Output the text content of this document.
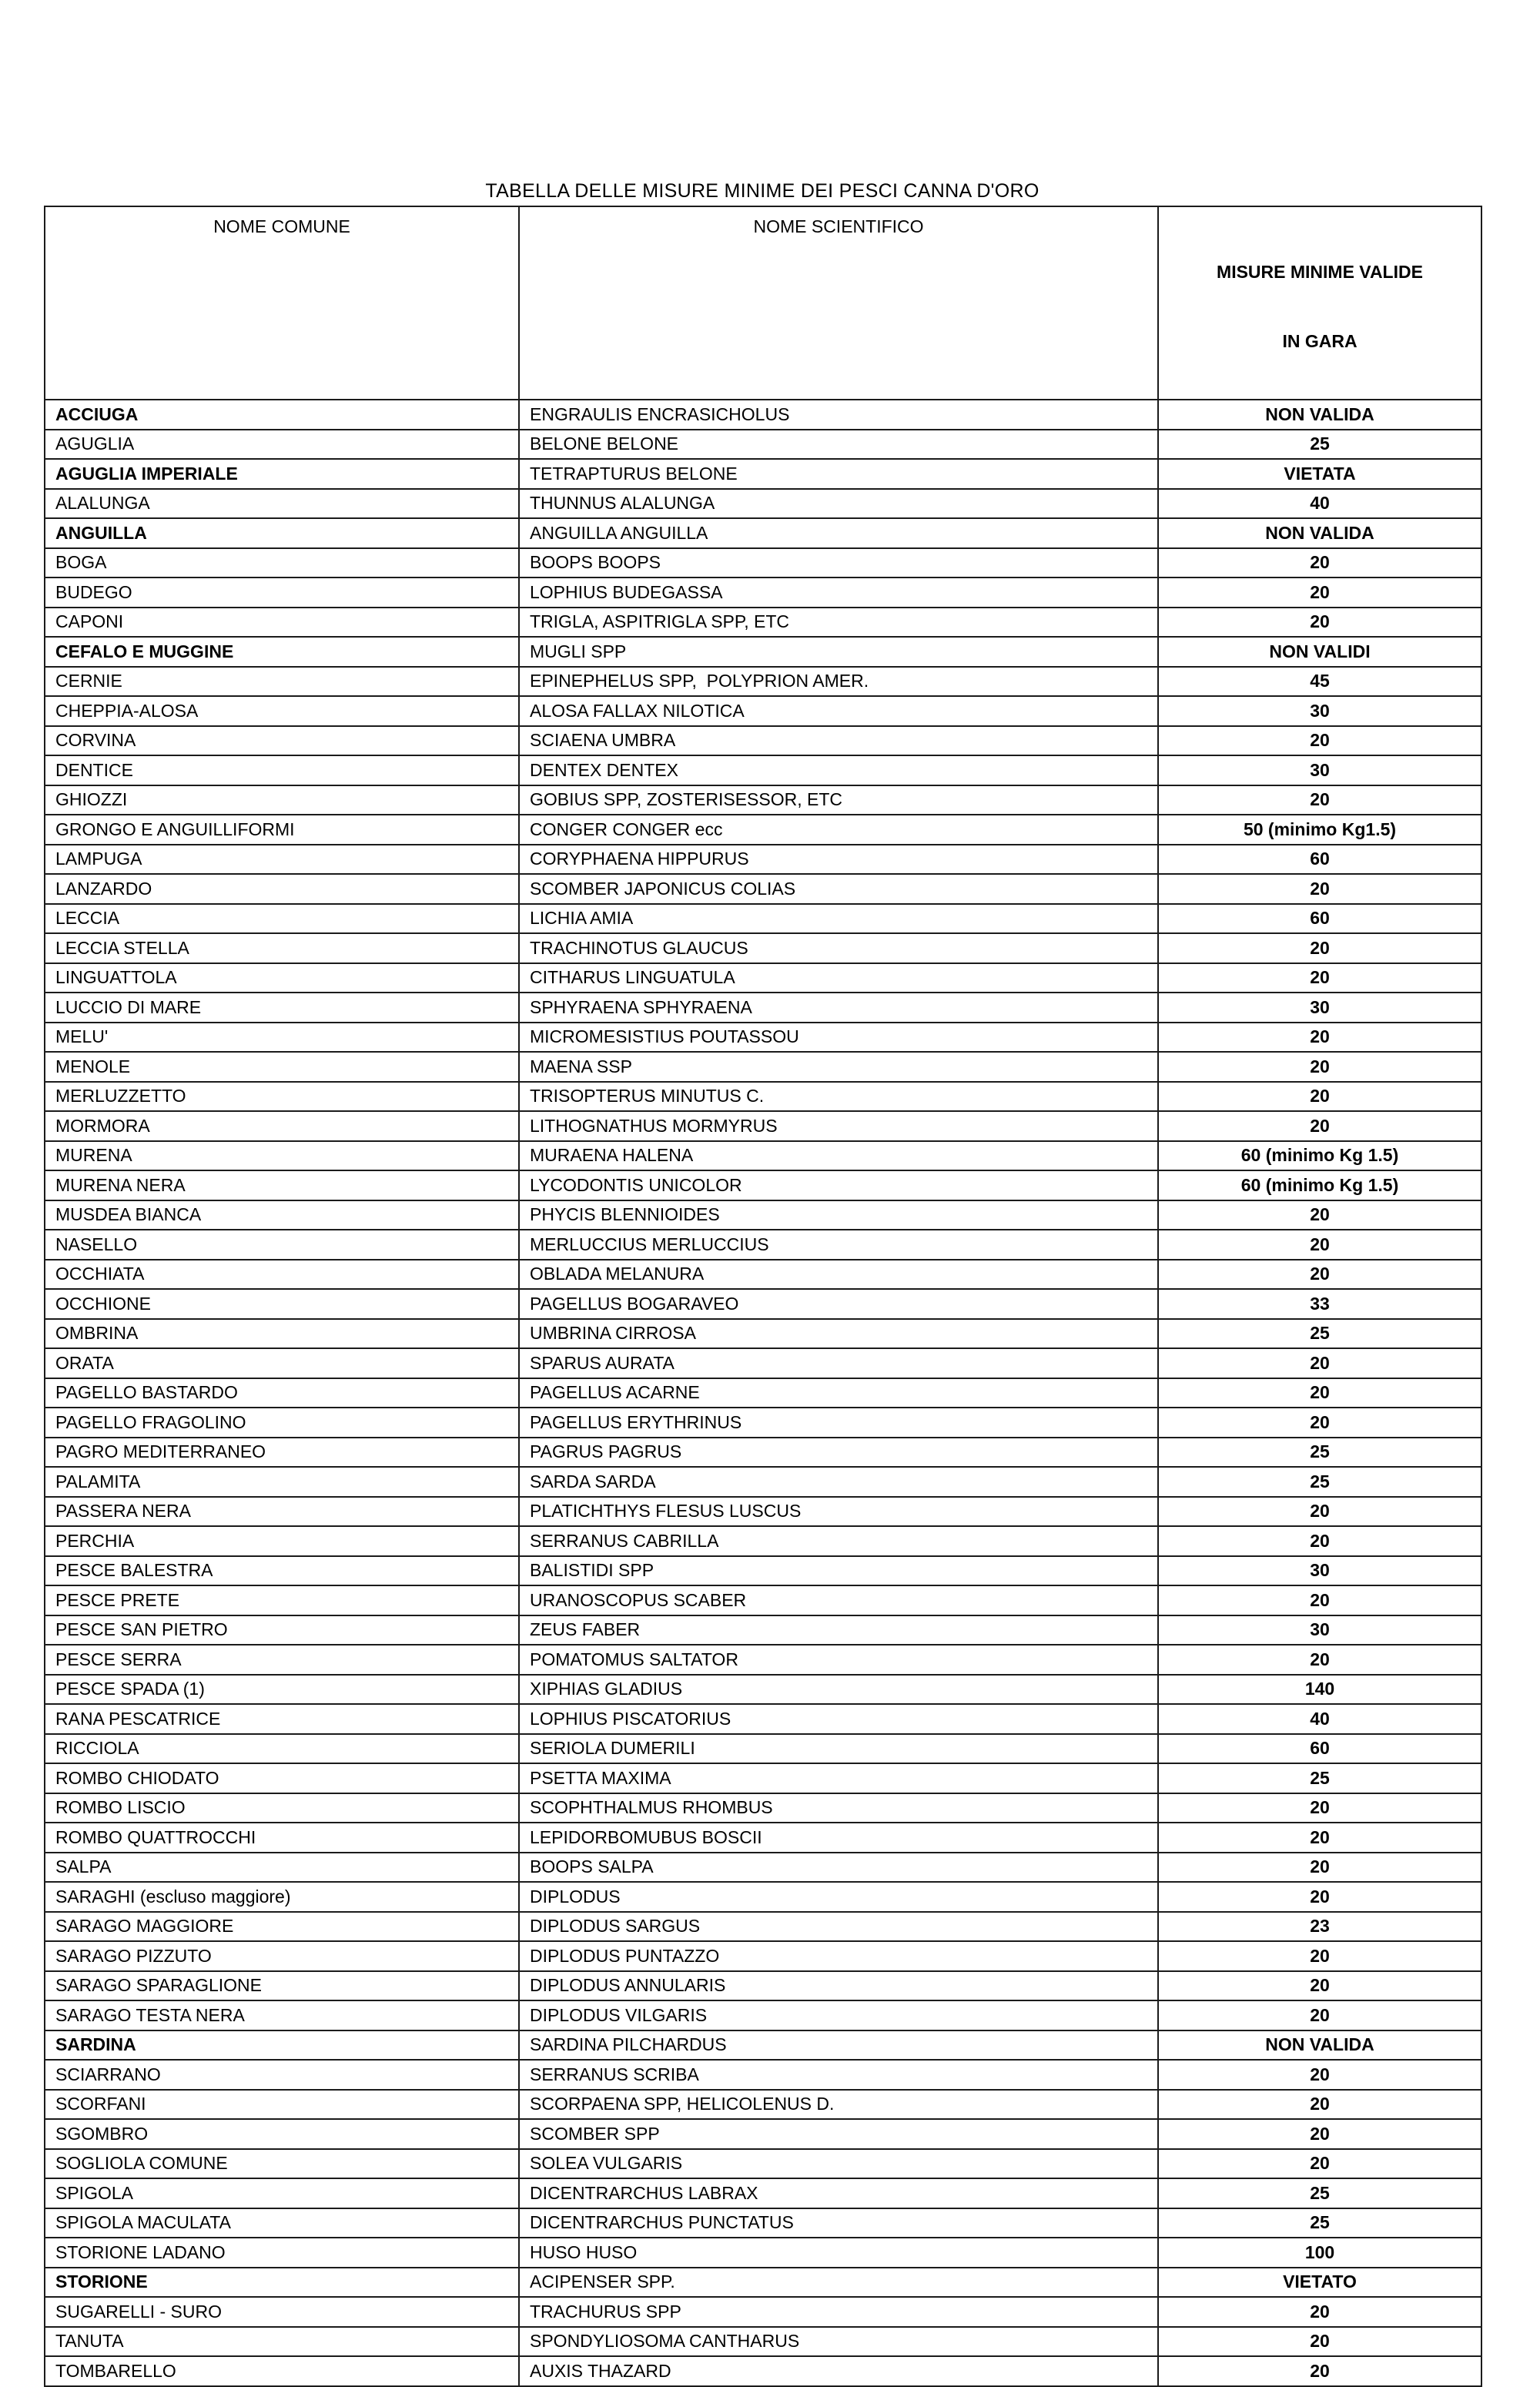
TABELLA DELLE MISURE MINIME DEI PESCI CANNA D'ORO
NOME COMUNE	NOME SCIENTIFICO	MISURE MINIME VALIDE

IN GARA

ACCIUGA	ENGRAULIS ENCRASICHOLUS	NON VALIDA
AGUGLIA	BELONE BELONE	25
AGUGLIA IMPERIALE	TETRAPTURUS BELONE	VIETATA
ALALUNGA	THUNNUS ALALUNGA	40
ANGUILLA	ANGUILLA ANGUILLA	NON VALIDA
BOGA	BOOPS BOOPS	20
BUDEGO	LOPHIUS BUDEGASSA	20
CAPONI	TRIGLA, ASPITRIGLA SPP, ETC	20
CEFALO E MUGGINE	MUGLI SPP	NON VALIDI
CERNIE	EPINEPHELUS SPP,  POLYPRION AMER.	45
CHEPPIA-ALOSA	ALOSA FALLAX NILOTICA	30
CORVINA	SCIAENA UMBRA	20
DENTICE	DENTEX DENTEX	30
GHIOZZI	GOBIUS SPP, ZOSTERISESSOR, ETC	20
GRONGO E ANGUILLIFORMI	CONGER CONGER ecc	50 (minimo Kg1.5)
LAMPUGA	CORYPHAENA HIPPURUS	60
LANZARDO	SCOMBER JAPONICUS COLIAS	20
LECCIA	LICHIA AMIA	60
LECCIA STELLA	TRACHINOTUS GLAUCUS	20
LINGUATTOLA	CITHARUS LINGUATULA	20
LUCCIO DI MARE	SPHYRAENA SPHYRAENA	30
MELU'	MICROMESISTIUS POUTASSOU	20
MENOLE	MAENA SSP	20
MERLUZZETTO	TRISOPTERUS MINUTUS C.	20
MORMORA	LITHOGNATHUS MORMYRUS	20
MURENA	MURAENA HALENA	60 (minimo Kg 1.5)
MURENA NERA	LYCODONTIS UNICOLOR	60 (minimo Kg 1.5)
MUSDEA BIANCA	PHYCIS BLENNIOIDES	20
NASELLO	MERLUCCIUS MERLUCCIUS	20
OCCHIATA	OBLADA MELANURA	20
OCCHIONE	PAGELLUS BOGARAVEO	33
OMBRINA	UMBRINA CIRROSA	25
ORATA	SPARUS AURATA	20
PAGELLO BASTARDO	PAGELLUS ACARNE	20
PAGELLO FRAGOLINO	PAGELLUS ERYTHRINUS	20
PAGRO MEDITERRANEO	PAGRUS PAGRUS	25
PALAMITA	SARDA SARDA	25
PASSERA NERA	PLATICHTHYS FLESUS LUSCUS	20
PERCHIA	SERRANUS CABRILLA	20
PESCE BALESTRA	BALISTIDI SPP	30
PESCE PRETE	URANOSCOPUS SCABER	20
PESCE SAN PIETRO	ZEUS FABER	30
PESCE SERRA	POMATOMUS SALTATOR	20
PESCE SPADA (1)	XIPHIAS GLADIUS	140
RANA PESCATRICE	LOPHIUS PISCATORIUS	40
RICCIOLA	SERIOLA DUMERILI	60
ROMBO CHIODATO	PSETTA MAXIMA	25
ROMBO LISCIO	SCOPHTHALMUS RHOMBUS	20
ROMBO QUATTROCCHI	LEPIDORBOMUBUS BOSCII	20
SALPA	BOOPS SALPA	20
SARAGHI (escluso maggiore)	DIPLODUS	20
SARAGO MAGGIORE	DIPLODUS SARGUS	23
SARAGO PIZZUTO	DIPLODUS PUNTAZZO	20
SARAGO SPARAGLIONE	DIPLODUS ANNULARIS	20
SARAGO TESTA NERA	DIPLODUS VILGARIS	20
SARDINA	SARDINA PILCHARDUS	NON VALIDA
SCIARRANO	SERRANUS SCRIBA	20
SCORFANI	SCORPAENA SPP, HELICOLENUS D.	20
SGOMBRO	SCOMBER SPP	20
SOGLIOLA COMUNE	SOLEA VULGARIS	20
SPIGOLA	DICENTRARCHUS LABRAX	25
SPIGOLA MACULATA	DICENTRARCHUS PUNCTATUS	25
STORIONE LADANO	HUSO HUSO	100
STORIONE	ACIPENSER SPP.	VIETATO
SUGARELLI - SURO	TRACHURUS SPP	20
TANUTA	SPONDYLIOSOMA CANTHARUS	20
TOMBARELLO	AUXIS THAZARD	20
